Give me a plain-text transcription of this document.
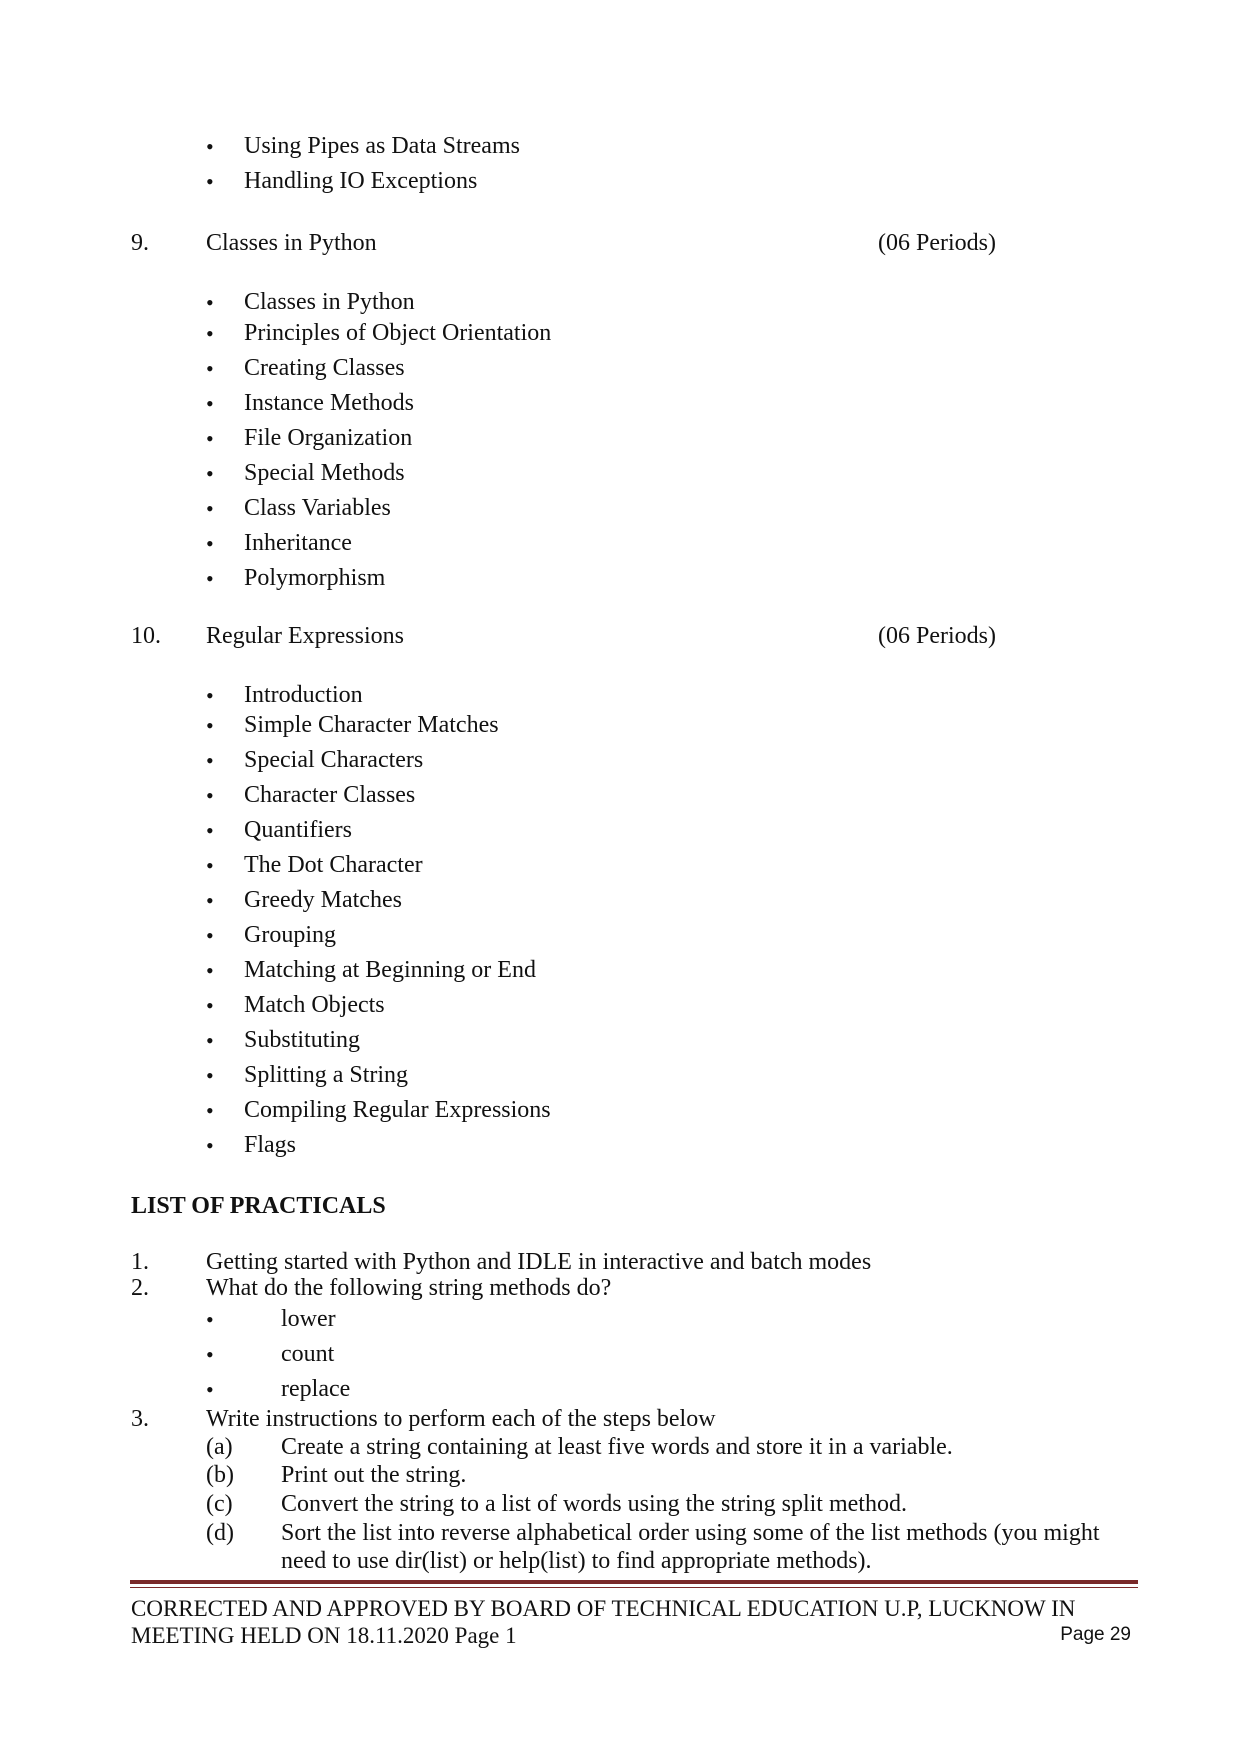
• Using Pipes as Data Streams
• Handling IO Exceptions
9. Classes in Python	(06 Periods)
• Classes in Python
• Principles of Object Orientation
• Creating Classes
• Instance Methods
• File Organization
• Special Methods
• Class Variables
• Inheritance
• Polymorphism
10. Regular Expressions	(06 Periods)
• Introduction
• Simple Character Matches
• Special Characters
• Character Classes
• Quantifiers
• The Dot Character
• Greedy Matches
• Grouping
• Matching at Beginning or End
• Match Objects
• Substituting
• Splitting a String
• Compiling Regular Expressions
• Flags
LIST OF PRACTICALS
1. Getting started with Python and IDLE in interactive and batch modes
2. What do the following string methods do?
•	lower
•	count
•	replace
3. Write instructions to perform each of the steps below
(a) Create a string containing at least five words and store it in a variable.
(b) Print out the string.
(c) Convert the string to a list of words using the string split method.
(d) Sort the list into reverse alphabetical order using some of the list methods (you might
need to use dir(list) or help(list) to find appropriate methods).
CORRECTED AND APPROVED BY BOARD OF TECHNICAL EDUCATION U.P, LUCKNOW IN
MEETING HELD ON 18.11.2020 Page 1	Page 29
